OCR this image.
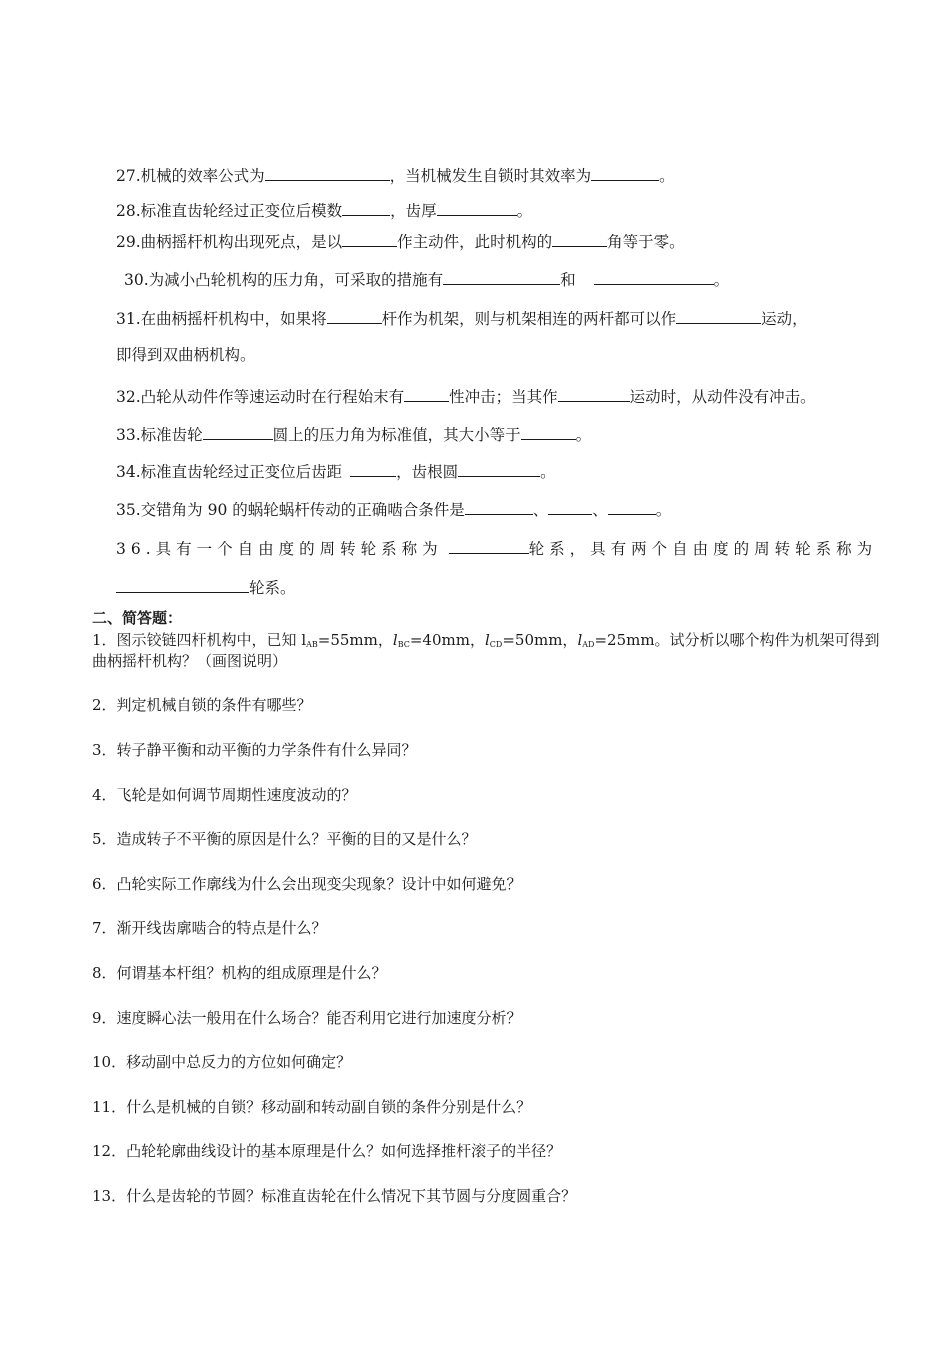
27.机械的效率公式为	，当机械发生自锁时其效率为	。
28.标准直齿轮经过正变位后模数	，齿厚	。
29.曲柄摇杆机构出现死点，是以	作主动件，此时机构的	角等于零。
30.为减小凸轮机构的压力角，可采取的措施有	和	。
31.在曲柄摇杆机构中，如果将	杆作为机架，则与机架相连的两杆都可以作	运动，
即得到双曲柄机构。
32.凸轮从动件作等速运动时在行程始末有	性冲击；当其作	运动时，从动件没有冲击。
33.标准齿轮	圆上的压力角为标准值，其大小等于	。
34.标准直齿轮经过正变位后齿距	，齿根圆	。
35.交错角为 90 的蜗轮蜗杆传动的正确啮合条件是	、	、	。
36.具有一个自由度的周转轮系称为	轮系，具有两个自由度的周转轮系称为
轮系。
二、简答题：
1．图示铰链四杆机构中，已知 $l_{AB}=55mm$，$l_{BC}=40mm$，$l_{CD}=50mm$，$l_{AD}=25mm$。试分析以哪个构件为机架可得到
曲柄摇杆机构？（画图说明）
2．判定机械自锁的条件有哪些？
3．转子静平衡和动平衡的力学条件有什么异同？
4．飞轮是如何调节周期性速度波动的？
5．造成转子不平衡的原因是什么？平衡的目的又是什么？
6．凸轮实际工作廓线为什么会出现变尖现象？设计中如何避免？
7．渐开线齿廓啮合的特点是什么？
8．何谓基本杆组？机构的组成原理是什么？
9．速度瞬心法一般用在什么场合？能否利用它进行加速度分析？
10．移动副中总反力的方位如何确定？
11．什么是机械的自锁？移动副和转动副自锁的条件分别是什么？
12．凸轮轮廓曲线设计的基本原理是什么？如何选择推杆滚子的半径？
13．什么是齿轮的节圆？标准直齿轮在什么情况下其节圆与分度圆重合？
